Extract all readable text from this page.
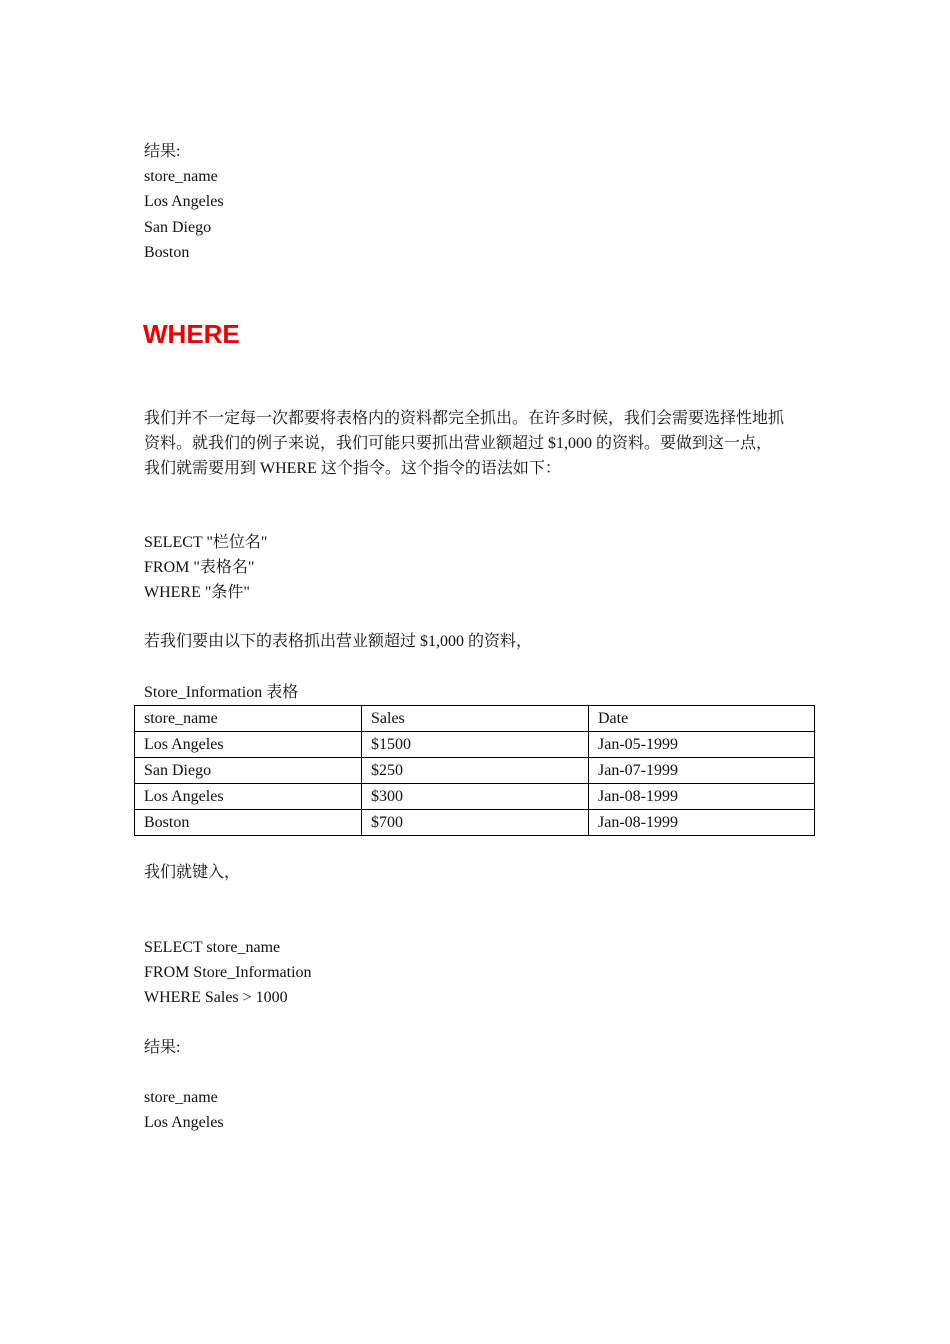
结果:
store_name
Los Angeles
San Diego
Boston
WHERE

我们并不一定每一次都要将表格内的资料都完全抓出。在许多时候，我们会需要选择性地抓
资料。就我们的例子来说，我们可能只要抓出营业额超过 $1,000 的资料。要做到这一点，
我们就需要用到 WHERE 这个指令。这个指令的语法如下：

SELECT "栏位名"
FROM "表格名"
WHERE "条件"
若我们要由以下的表格抓出营业额超过 $1,000 的资料，
Store_Information 表格
store_name	Sales	Date
Los Angeles	$1500	Jan-05-1999
San Diego	$250	Jan-07-1999
Los Angeles	$300	Jan-08-1999
Boston	$700	Jan-08-1999
我们就键入，
SELECT store_name
FROM Store_Information
WHERE Sales > 1000
结果:
store_name
Los Angeles
